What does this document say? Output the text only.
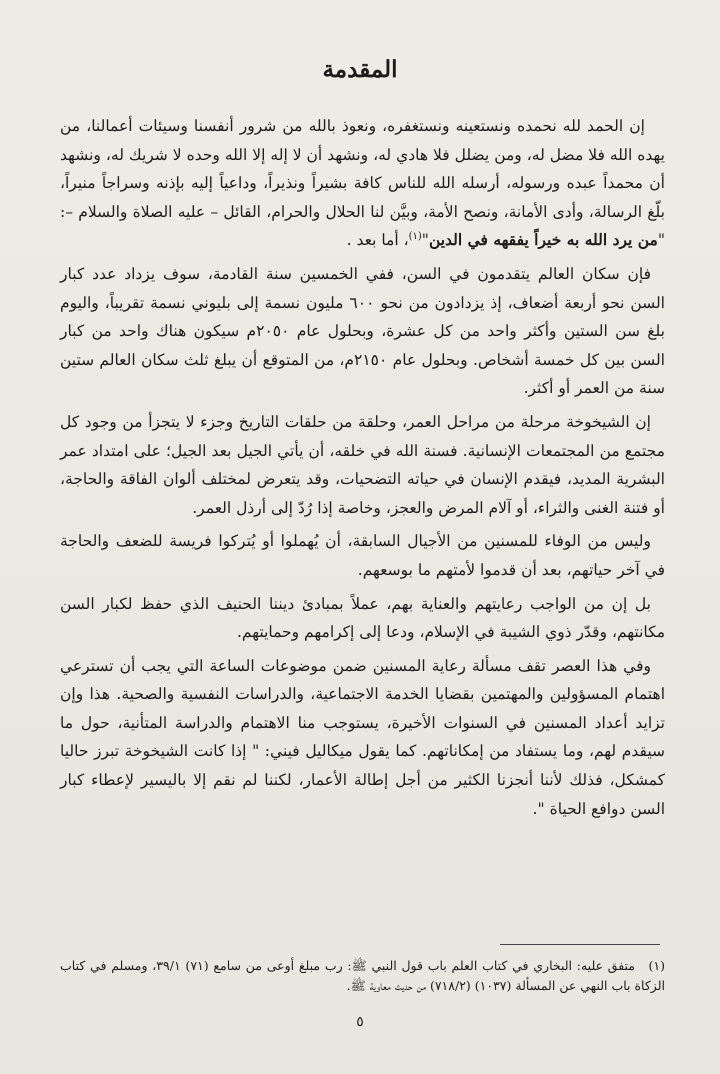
المقدمة

إن الحمد لله نحمده ونستعينه ونستغفره، ونعوذ بالله من شرور أنفسنا وسيئات أعمالنا، من يهده الله فلا مضل له، ومن يضلل فلا هادي له، ونشهد أن لا إله إلا الله وحده لا شريك له، ونشهد أن محمداً عبده ورسوله، أرسله الله للناس كافة بشيراً ونذيراً، وداعياً إليه بإذنه وسراجاً منيراً، بلّغ الرسالة، وأدى الأمانة، ونصح الأمة، وبيَّن لنا الحلال والحرام، القائل – عليه الصلاة والسلام –: "من يرد الله به خيراً يفقهه في الدين"$^{(١)}$، أما بعد .

فإن سكان العالم يتقدمون في السن، ففي الخمسين سنة القادمة، سوف يزداد عدد كبار السن نحو أربعة أضعاف، إذ يزدادون من نحو ٦٠٠ مليون نسمة إلى بليوني نسمة تقريباً، واليوم بلغ سن الستين وأكثر واحد من كل عشرة، وبحلول عام ٢٠٥٠م سيكون هناك واحد من كبار السن بين كل خمسة أشخاص. وبحلول عام ٢١٥٠م، من المتوقع أن يبلغ ثلث سكان العالم ستين سنة من العمر أو أكثر.

إن الشيخوخة مرحلة من مراحل العمر، وحلقة من حلقات التاريخ وجزء لا يتجزأ من وجود كل مجتمع من المجتمعات الإنسانية. فسنة الله في خلقه، أن يأتي الجيل بعد الجيل؛ على امتداد عمر البشرية المديد، فيقدم الإنسان في حياته التضحيات، وقد يتعرض لمختلف ألوان الفاقة والحاجة، أو فتنة الغنى والثراء، أو آلام المرض والعجز، وخاصة إذا رُدّ إلى أرذل العمر.

وليس من الوفاء للمسنين من الأجيال السابقة، أن يُهملوا أو يُتركوا فريسة للضعف والحاجة في آخر حياتهم، بعد أن قدموا لأمتهم ما بوسعهم.

بل إن من الواجب رعايتهم والعناية بهم، عملاً بمبادئ ديننا الحنيف الذي حفظ لكبار السن مكانتهم، وقدّر ذوي الشيبة في الإسلام، ودعا إلى إكرامهم وحمايتهم.

وفي هذا العصر تقف مسألة رعاية المسنين ضمن موضوعات الساعة التي يجب أن تسترعي اهتمام المسؤولين والمهتمين بقضايا الخدمة الاجتماعية، والدراسات النفسية والصحية. هذا وإن تزايد أعداد المسنين في السنوات الأخيرة، يستوجب منا الاهتمام والدراسة المتأنية، حول ما سيقدم لهم، وما يستفاد من إمكاناتهم. كما يقول ميكاليل فيني: " إذا كانت الشيخوخة تبرز حاليا كمشكل، فذلك لأننا أنجزنا الكثير من أجل إطالة الأعمار، لكننا لم نقم إلا باليسير لإعطاء كبار السن دوافع الحياة ".

(١)متفق عليه: البخاري في كتاب العلم باب قول النبي ﷺ: رب مبلغ أوعى من سامع (٧١) ٣٩/١، ومسلم في كتاب الزكاة باب النهي عن المسألة (١٠٣٧) (٧١٨/٢) من حديث معاوية ﷺ.

٥
